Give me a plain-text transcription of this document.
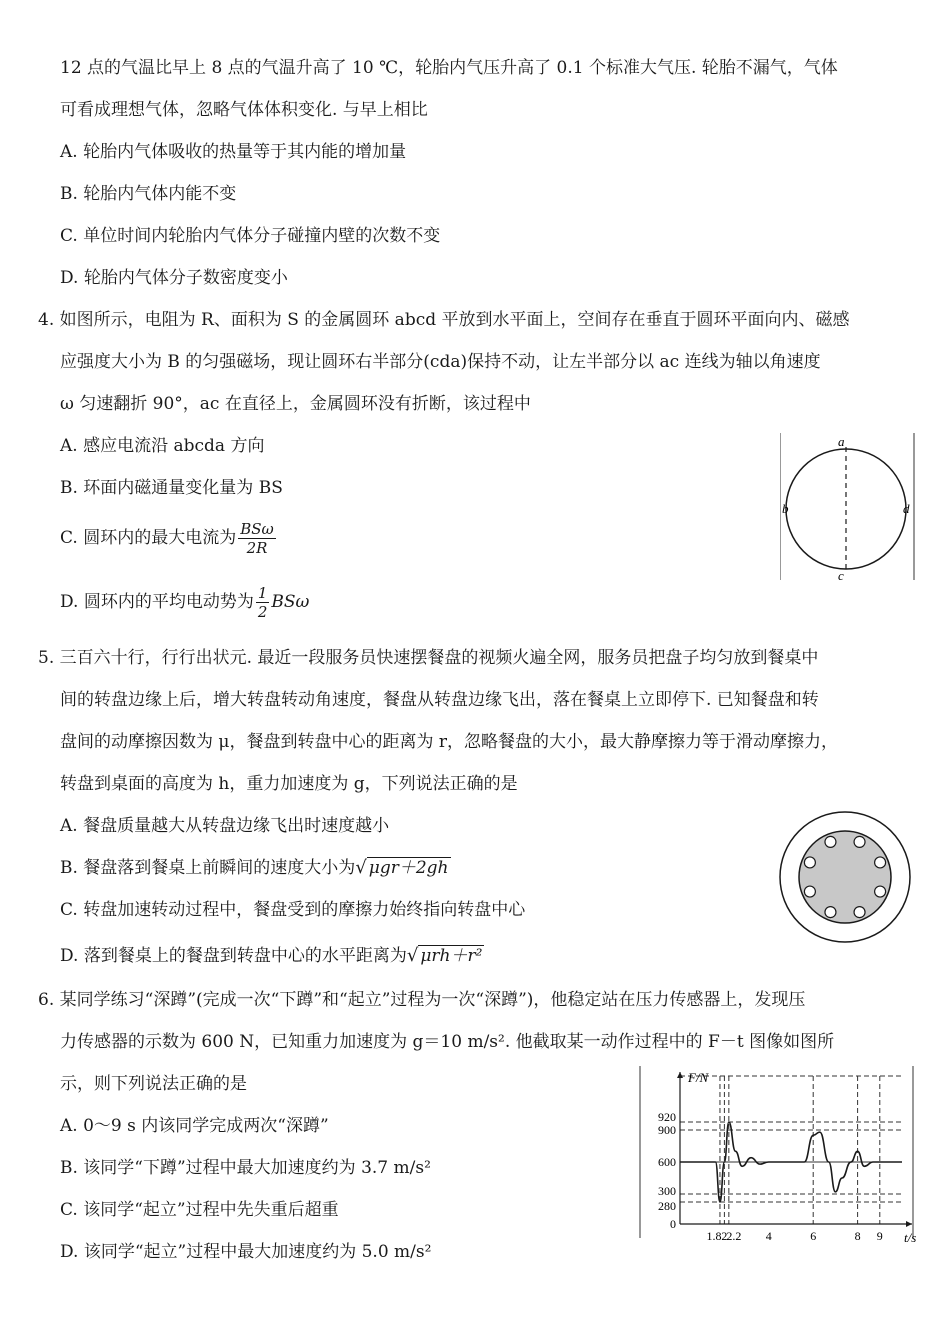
12 点的气温比早上 8 点的气温升高了 10 ℃，轮胎内气压升高了 0.1 个标准大气压. 轮胎不漏气，气体
可看成理想气体，忽略气体体积变化. 与早上相比
A. 轮胎内气体吸收的热量等于其内能的增加量
B. 轮胎内气体内能不变
C. 单位时间内轮胎内气体分子碰撞内壁的次数不变
D. 轮胎内气体分子数密度变小
4. 如图所示，电阻为 R、面积为 S 的金属圆环 abcd 平放到水平面上，空间存在垂直于圆环平面向内、磁感
应强度大小为 B 的匀强磁场，现让圆环右半部分(cda)保持不动，让左半部分以 ac 连线为轴以角速度
ω 匀速翻折 90°，ac 在直径上，金属圆环没有折断，该过程中
A. 感应电流沿 abcda 方向
B. 环面内磁通量变化量为 BS
C. 圆环内的最大电流为 $\frac{\text{BSω}}{2R}$
D. 圆环内的平均电动势为 $\frac{1}{2}$ BSω
a
b
c
d
5. 三百六十行，行行出状元. 最近一段服务员快速摆餐盘的视频火遍全网，服务员把盘子均匀放到餐桌中
间的转盘边缘上后，增大转盘转动角速度，餐盘从转盘边缘飞出，落在餐桌上立即停下. 已知餐盘和转
盘间的动摩擦因数为 μ，餐盘到转盘中心的距离为 r，忽略餐盘的大小，最大静摩擦力等于滑动摩擦力，
转盘到桌面的高度为 h，重力加速度为 g，下列说法正确的是
A. 餐盘质量越大从转盘边缘飞出时速度越小
B. 餐盘落到餐桌上前瞬间的速度大小为√ μgr＋2gh
C. 转盘加速转动过程中，餐盘受到的摩擦力始终指向转盘中心
D. 落到餐桌上的餐盘到转盘中心的水平距离为√ μrh＋r²
6. 某同学练习“深蹲”(完成一次“下蹲”和“起立”过程为一次“深蹲”)，他稳定站在压力传感器上，发现压
力传感器的示数为 600 N，已知重力加速度为 g＝10 m/s². 他截取某一动作过程中的 F－t 图像如图所
示，则下列说法正确的是
A. 0～9 s 内该同学完成两次“深蹲”
B. 该同学“下蹲”过程中最大加速度约为 3.7 m/s²
C. 该同学“起立”过程中先失重后超重
D. 该同学“起立”过程中最大加速度约为 5.0 m/s²
F/N
t/s
0
280
300
600
900
920
1.8 2
2.2 4	6	8 9
